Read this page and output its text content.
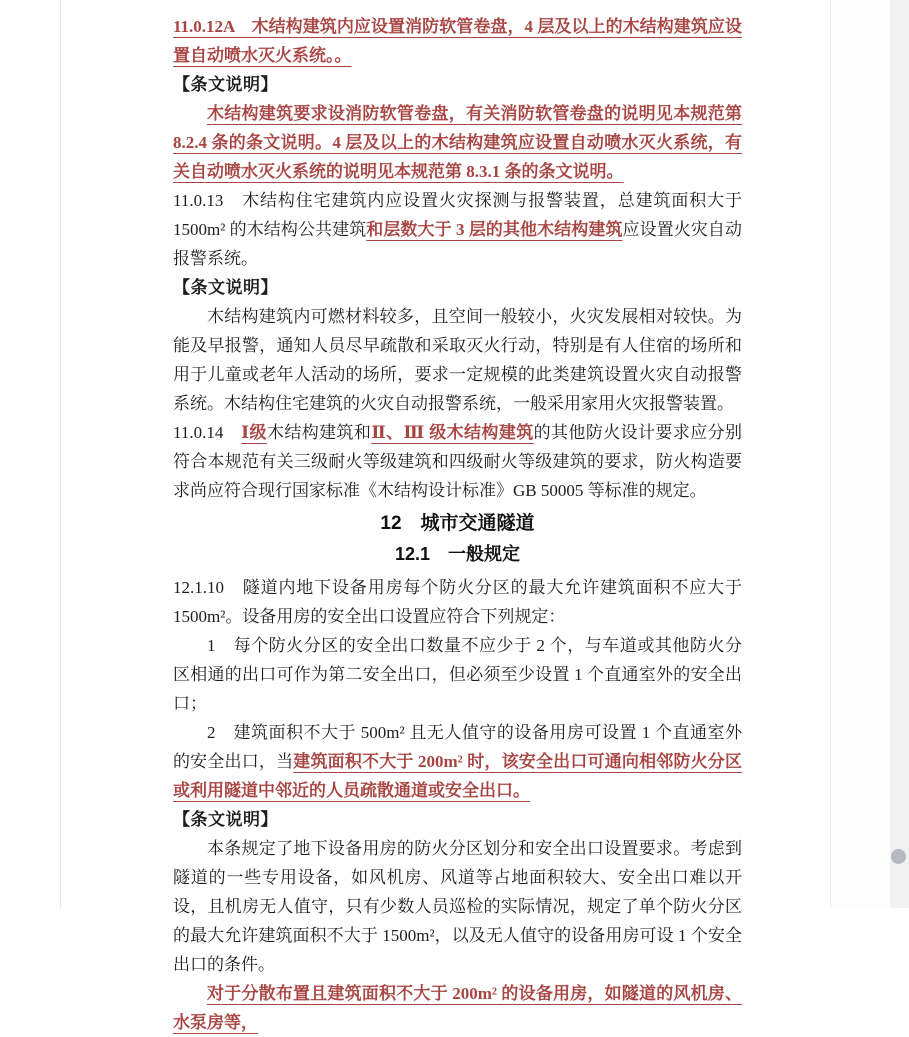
11.0.12A　木结构建筑内应设置消防软管卷盘，4 层及以上的木结构建筑应设置自动喷水灭火系统。。

【条文说明】

木结构建筑要求设消防软管卷盘，有关消防软管卷盘的说明见本规范第 8.2.4 条的条文说明。4 层及以上的木结构建筑应设置自动喷水灭火系统，有关自动喷水灭火系统的说明见本规范第 8.3.1 条的条文说明。

11.0.13　木结构住宅建筑内应设置火灾探测与报警装置，总建筑面积大于 1500m² 的木结构公共建筑和层数大于 3 层的其他木结构建筑应设置火灾自动报警系统。

【条文说明】

木结构建筑内可燃材料较多，且空间一般较小，火灾发展相对较快。为能及早报警，通知人员尽早疏散和采取灭火行动，特别是有人住宿的场所和用于儿童或老年人活动的场所，要求一定规模的此类建筑设置火灾自动报警系统。木结构住宅建筑的火灾自动报警系统，一般采用家用火灾报警装置。

11.0.14　Ⅰ级木结构建筑和Ⅱ、Ⅲ 级木结构建筑的其他防火设计要求应分别符合本规范有关三级耐火等级建筑和四级耐火等级建筑的要求，防火构造要求尚应符合现行国家标准《木结构设计标准》GB 50005 等标准的规定。

12　城市交通隧道

12.1　一般规定

12.1.10　隧道内地下设备用房每个防火分区的最大允许建筑面积不应大于 1500m²。设备用房的安全出口设置应符合下列规定：

1　每个防火分区的安全出口数量不应少于 2 个，与车道或其他防火分区相通的出口可作为第二安全出口，但必须至少设置 1 个直通室外的安全出口；

2　建筑面积不大于 500m² 且无人值守的设备用房可设置 1 个直通室外的安全出口，当建筑面积不大于 200m² 时，该安全出口可通向相邻防火分区或利用隧道中邻近的人员疏散通道或安全出口。

【条文说明】

本条规定了地下设备用房的防火分区划分和安全出口设置要求。考虑到隧道的一些专用设备，如风机房、风道等占地面积较大、安全出口难以开设，且机房无人值守，只有少数人员巡检的实际情况，规定了单个防火分区的最大允许建筑面积不大于 1500m²，以及无人值守的设备用房可设 1 个安全出口的条件。

对于分散布置且建筑面积不大于 200m² 的设备用房，如隧道的风机房、水泵房等，
